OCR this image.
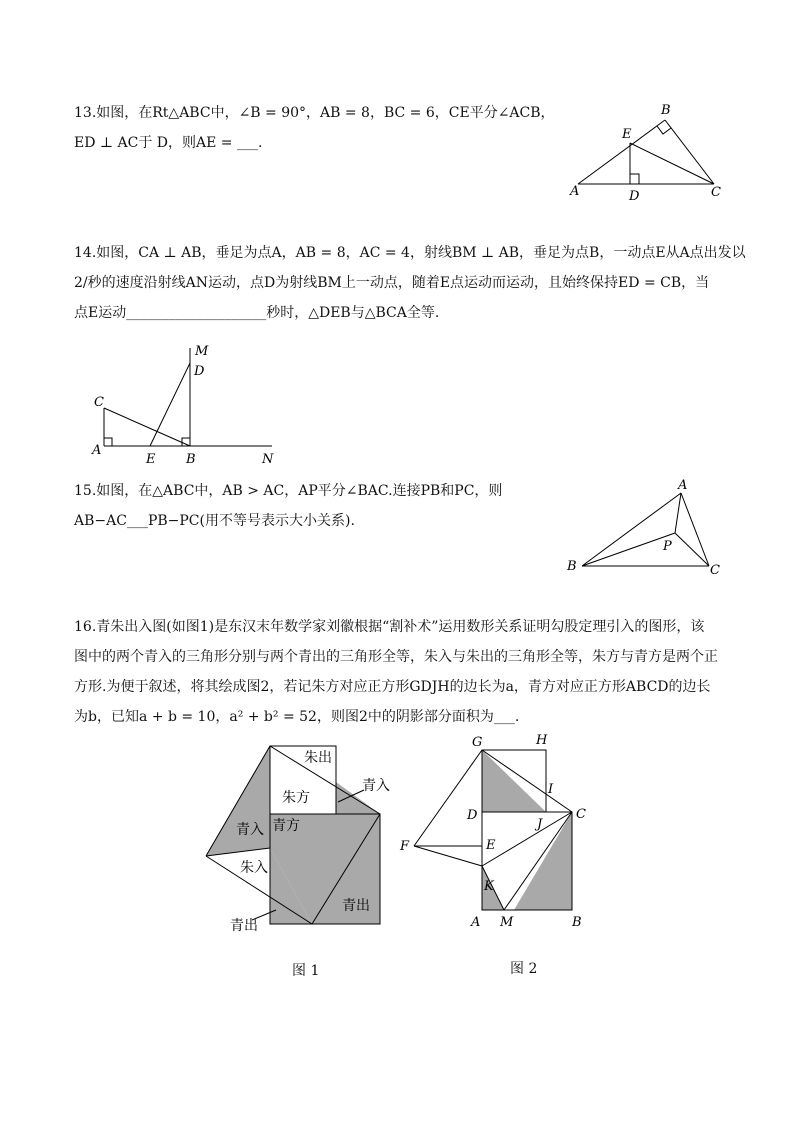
13.如图，在Rt△ABC中，∠B = 90°，AB = 8，BC = 6，CE平分∠ACB，
ED ⊥ AC于 D，则AE = ___.
A
B
C
D
E
14.如图，CA ⊥ AB，垂足为点A，AB = 8，AC = 4，射线BM ⊥ AB，垂足为点B，一动点E从A点出发以
2/秒的速度沿射线AN运动，点D为射线BM上一动点，随着E点运动而运动，且始终保持ED = CB，当
点E运动____________________秒时，△DEB与△BCA全等.
A
B
C
D
E
M
N
15.如图，在△ABC中，AB > AC，AP平分∠BAC.连接PB和PC，则
AB−AC___PB−PC(用不等号表示大小关系).
A
B	C
P
16.青朱出入图(如图1)是东汉末年数学家刘徽根据“割补术”运用数形关系证明勾股定理引入的图形，该
图中的两个青入的三角形分别与两个青出的三角形全等，朱入与朱出的三角形全等，朱方与青方是两个正
方形.为便于叙述，将其绘成图2，若记朱方对应正方形GDJH的边长为a，青方对应正方形ABCD的边长
为b，已知a + b = 10，a² + b² = 52，则图2中的阴影部分面积为___.
朱出
青入
朱方
青方
青入
朱入
青出
青出
G	H
I
D
J
C
F	E
K
A M	B
图 1	图 2
